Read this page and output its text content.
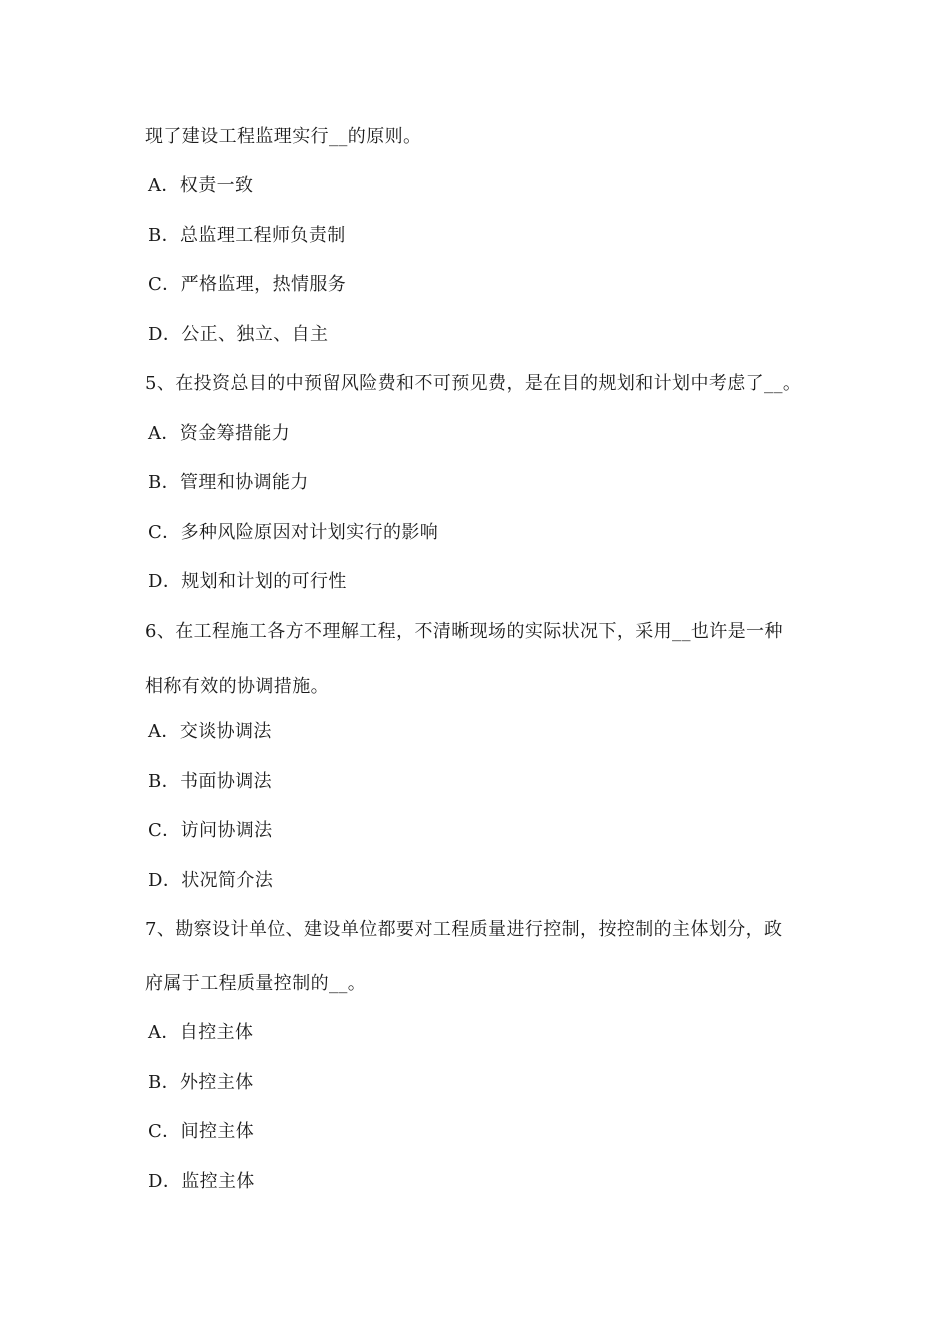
现了建设工程监理实行__的原则。
A．权责一致
B．总监理工程师负责制
C．严格监理，热情服务
D．公正、独立、自主
5、在投资总目的中预留风险费和不可预见费，是在目的规划和计划中考虑了__。
A．资金筹措能力
B．管理和协调能力
C．多种风险原因对计划实行的影响
D．规划和计划的可行性
6、在工程施工各方不理解工程，不清晰现场的实际状况下，采用__也许是一种
相称有效的协调措施。
A．交谈协调法
B．书面协调法
C．访问协调法
D．状况简介法
7、勘察设计单位、建设单位都要对工程质量进行控制，按控制的主体划分，政
府属于工程质量控制的__。
A．自控主体
B．外控主体
C．间控主体
D．监控主体
